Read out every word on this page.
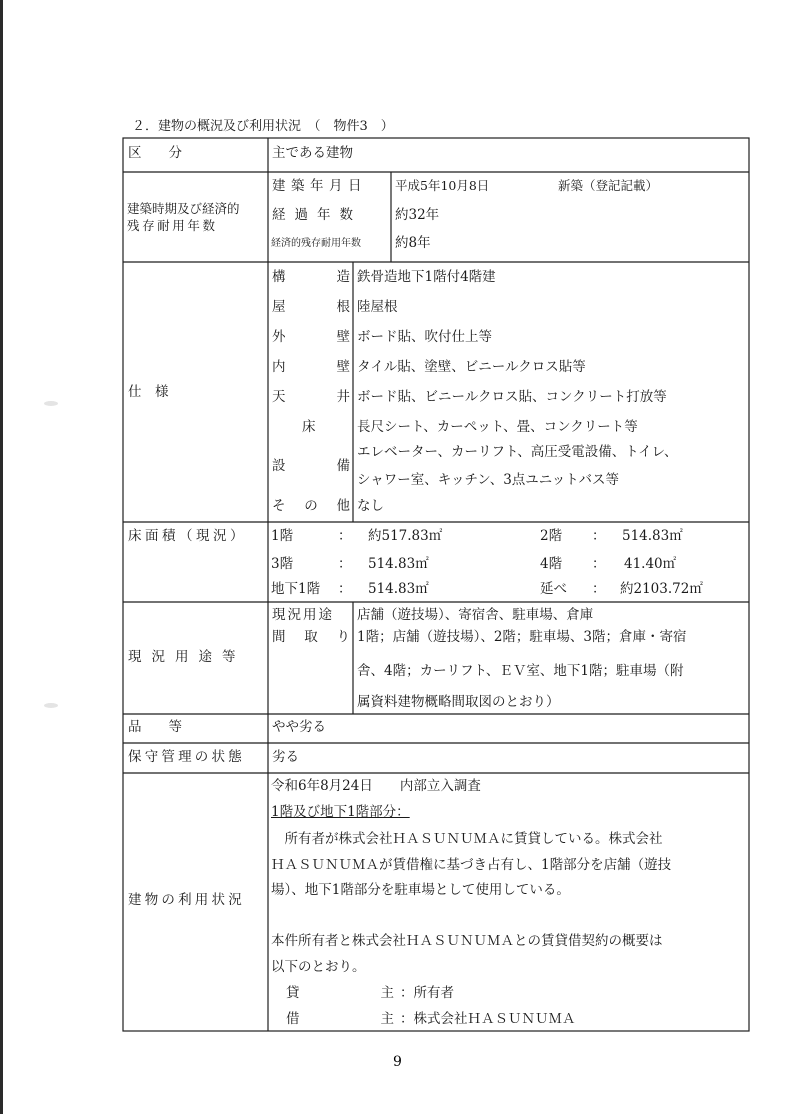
２．建物の概況及び利用状況　（　物件3　）
9
区　　分	主である建物
建築時期及び経済的
残存耐用年数
建築年月日 平成5年10月8日	新築（登記記載）
経過年数 約32年
経済的残存耐用年数	約8年
仕　様
構造 鉄骨造地下1階付4階建
屋根 陸屋根
外壁 ボード貼、吹付仕上等
内壁 タイル貼、塗壁、ビニールクロス貼等
天井 ボード貼、ビニールクロス貼、コンクリート打放等
床	長尺シート、カーペット、畳、コンクリート等
設備
エレベーター、カーリフト、高圧受電設備、トイレ、
シャワー室、キッチン、3点ユニットバス等
その他 なし
床面積（現況） 1階	： 約517.83㎡	2階 ： 514.83㎡
3階	： 514.83㎡	4階 ： 41.40㎡
地下1階 ： 514.83㎡	延べ ： 約2103.72㎡
現況用途等
現況用途 店舗（遊技場）、寄宿舎、駐車場、倉庫
間取り 1階；店舗（遊技場）、2階；駐車場、3階；倉庫・寄宿
舎、4階；カーリフト、ＥＶ室、地下1階；駐車場（附
属資料建物概略間取図のとおり）
品　　等	やや劣る
保守管理の状態 劣る
建物の利用状況
令和6年8月24日　　内部立入調査
1階及び地下1階部分：
　所有者が株式会社ＨＡＳＵＮＵＭＡに賃貸している。株式会社
ＨＡＳＵＮＵＭＡが賃借権に基づき占有し、1階部分を店舗（遊技
場）、地下1階部分を駐車場として使用している。
本件所有者と株式会社ＨＡＳＵＮＵＭＡとの賃貸借契約の概要は
以下のとおり。
貸　　　　　　主 ：所有者
借　　　　　　主 ：株式会社ＨＡＳＵＮＵＭＡ
